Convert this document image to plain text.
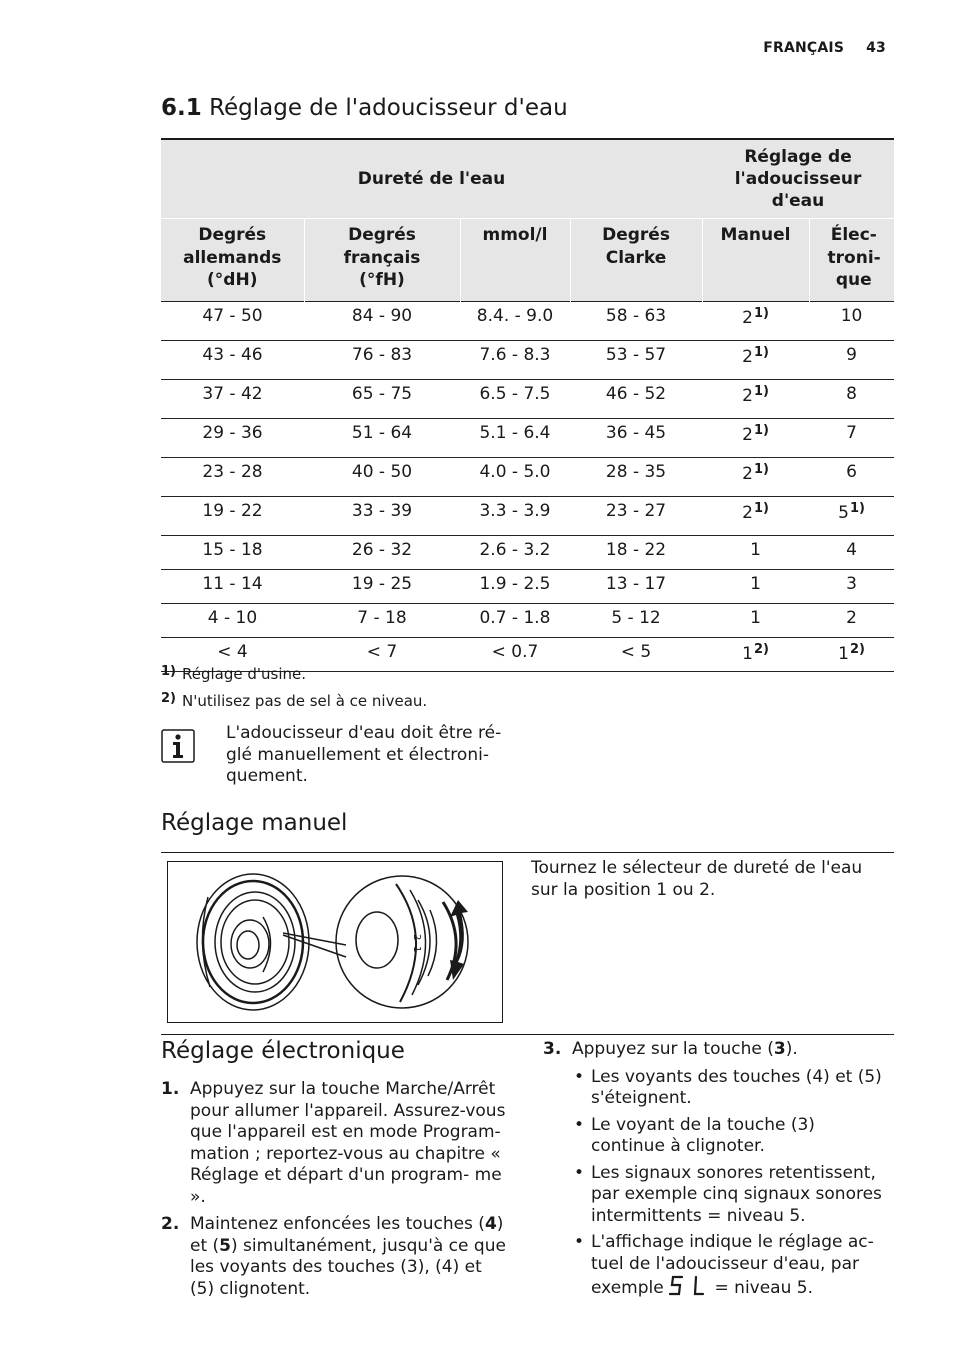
FRANÇAIS 43
6.1 Réglage de l'adoucisseur d'eau
Dureté de l'eau				Réglage de l'adoucisseur d'eau	
Degrés allemands (°dH)	Degrés français (°fH)	mmol/l	Degrés Clarke	Manuel	Élec- troni- que
47 - 50	84 - 90	8.4. - 9.0	58 - 63	2$^{1)}$	10
43 - 46	76 - 83	7.6 - 8.3	53 - 57	2$^{1)}$	9
37 - 42	65 - 75	6.5 - 7.5	46 - 52	2$^{1)}$	8
29 - 36	51 - 64	5.1 - 6.4	36 - 45	2$^{1)}$	7
23 - 28	40 - 50	4.0 - 5.0	28 - 35	2$^{1)}$	6
19 - 22	33 - 39	3.3 - 3.9	23 - 27	2$^{1)}$	5$^{1)}$
15 - 18	26 - 32	2.6 - 3.2	18 - 22	1	4
11 - 14	19 - 25	1.9 - 2.5	13 - 17	1	3
4 - 10	7 - 18	0.7 - 1.8	5 - 12	1	2
< 4	< 7	< 0.7	< 5	1$^{2)}$	1$^{2)}$
1) Réglage d'usine.
2) N'utilisez pas de sel à ce niveau.
L'adoucisseur d'eau doit être ré- glé manuellement et électroni- quement.
Réglage manuel
2
1
Tournez le sélecteur de dureté de l'eau sur la position 1 ou 2.
Réglage électronique
1. Appuyez sur la touche Marche/Arrêt pour allumer l'appareil. Assurez-vous que l'appareil est en mode Program- mation ; reportez-vous au chapitre « Réglage et départ d'un program- me ».
2. Maintenez enfoncées les touches (4) et (5) simultanément, jusqu'à ce que les voyants des touches (3), (4) et (5) clignotent.
3. Appuyez sur la touche (3).
• Les voyants des touches (4) et (5) s'éteignent.
• Le voyant de la touche (3) continue à clignoter.
• Les signaux sonores retentissent, par exemple cinq signaux sonores intermittents = niveau 5.
• L'affichage indique le réglage ac- tuel de l'adoucisseur d'eau, par exemple	= niveau 5.
